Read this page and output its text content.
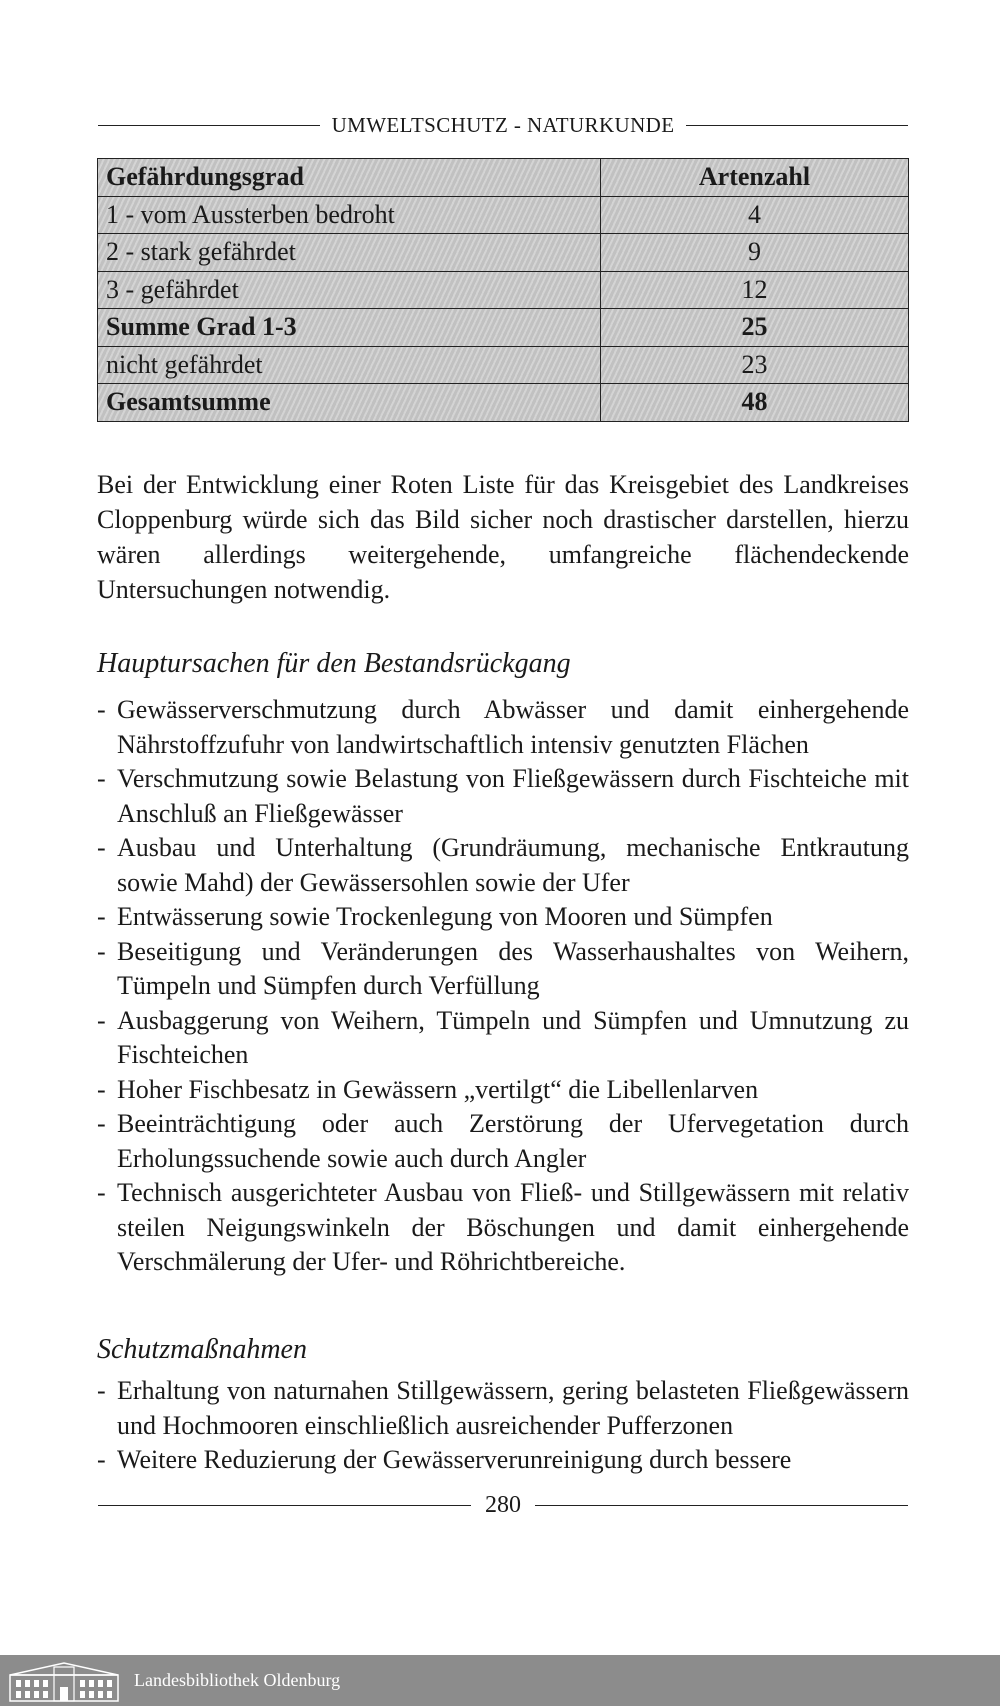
UMWELTSCHUTZ - NATURKUNDE
Gefährdungsgrad	Artenzahl
1 - vom Aussterben bedroht	4
2 - stark gefährdet	9
3 - gefährdet	12
Summe Grad 1-3	25
nicht gefährdet	23
Gesamtsumme	48
Bei der Entwicklung einer Roten Liste für das Kreisgebiet des Landkreises Cloppenburg würde sich das Bild sicher noch drastischer darstellen, hierzu wären allerdings weitergehende, umfangreiche flächendeckende Untersuchungen notwendig.
Hauptursachen für den Bestandsrückgang
- Gewässerverschmutzung durch Abwässer und damit einhergehende Nährstoffzufuhr von landwirtschaftlich intensiv genutzten Flächen
- Verschmutzung sowie Belastung von Fließgewässern durch Fischteiche mit Anschluß an Fließgewässer
- Ausbau und Unterhaltung (Grundräumung, mechanische Entkrautung sowie Mahd) der Gewässersohlen sowie der Ufer
- Entwässerung sowie Trockenlegung von Mooren und Sümpfen
- Beseitigung und Veränderungen des Wasserhaushaltes von Weihern, Tümpeln und Sümpfen durch Verfüllung
- Ausbaggerung von Weihern, Tümpeln und Sümpfen und Umnutzung zu Fischteichen
- Hoher Fischbesatz in Gewässern „vertilgt“ die Libellenlarven
- Beeinträchtigung oder auch Zerstörung der Ufervegetation durch Erholungssuchende sowie auch durch Angler
- Technisch ausgerichteter Ausbau von Fließ- und Stillgewässern mit relativ steilen Neigungswinkeln der Böschungen und damit einhergehende Verschmälerung der Ufer- und Röhrichtbereiche.
Schutzmaßnahmen
- Erhaltung von naturnahen Stillgewässern, gering belasteten Fließgewässern und Hochmooren einschließlich ausreichender Pufferzonen
- Weitere Reduzierung der Gewässerverunreinigung durch bessere
280
Landesbibliothek Oldenburg
